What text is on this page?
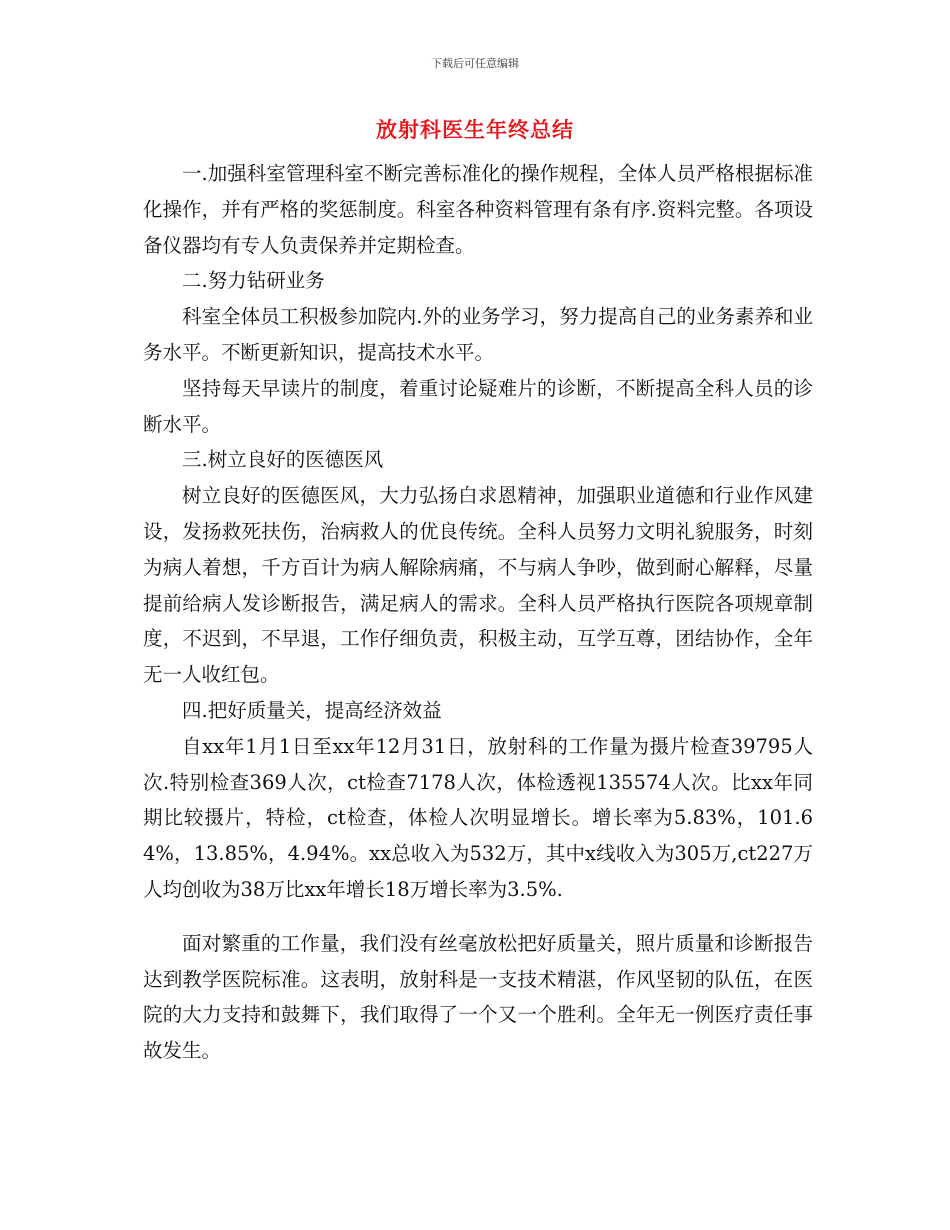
下载后可任意编辑
放射科医生年终总结

一.加强科室管理科室不断完善标准化的操作规程，全体人员严格根据标准化操作，并有严格的奖惩制度。科室各种资料管理有条有序.资料完整。各项设备仪器均有专人负责保养并定期检查。

二.努力钻研业务

科室全体员工积极参加院内.外的业务学习，努力提高自己的业务素养和业务水平。不断更新知识，提高技术水平。

坚持每天早读片的制度，着重讨论疑难片的诊断，不断提高全科人员的诊断水平。

三.树立良好的医德医风

树立良好的医德医风，大力弘扬白求恩精神，加强职业道德和行业作风建设，发扬救死扶伤，治病救人的优良传统。全科人员努力文明礼貌服务，时刻为病人着想，千方百计为病人解除病痛，不与病人争吵，做到耐心解释，尽量提前给病人发诊断报告，满足病人的需求。全科人员严格执行医院各项规章制度，不迟到，不早退，工作仔细负责，积极主动，互学互尊，团结协作，全年无一人收红包。

四.把好质量关，提高经济效益

自xx年1月1日至xx年12月31日，放射科的工作量为摄片检查39795人次.特别检查369人次，ct检查7178人次，体检透视135574人次。比xx年同期比较摄片，特检，ct检查，体检人次明显增长。增长率为5.83%，101.64%，13.85%，4.94%。xx总收入为532万，其中x线收入为305万,ct227万人均创收为38万比xx年增长18万增长率为3.5%.

面对繁重的工作量，我们没有丝毫放松把好质量关，照片质量和诊断报告达到教学医院标准。这表明，放射科是一支技术精湛，作风坚韧的队伍，在医院的大力支持和鼓舞下，我们取得了一个又一个胜利。全年无一例医疗责任事故发生。
